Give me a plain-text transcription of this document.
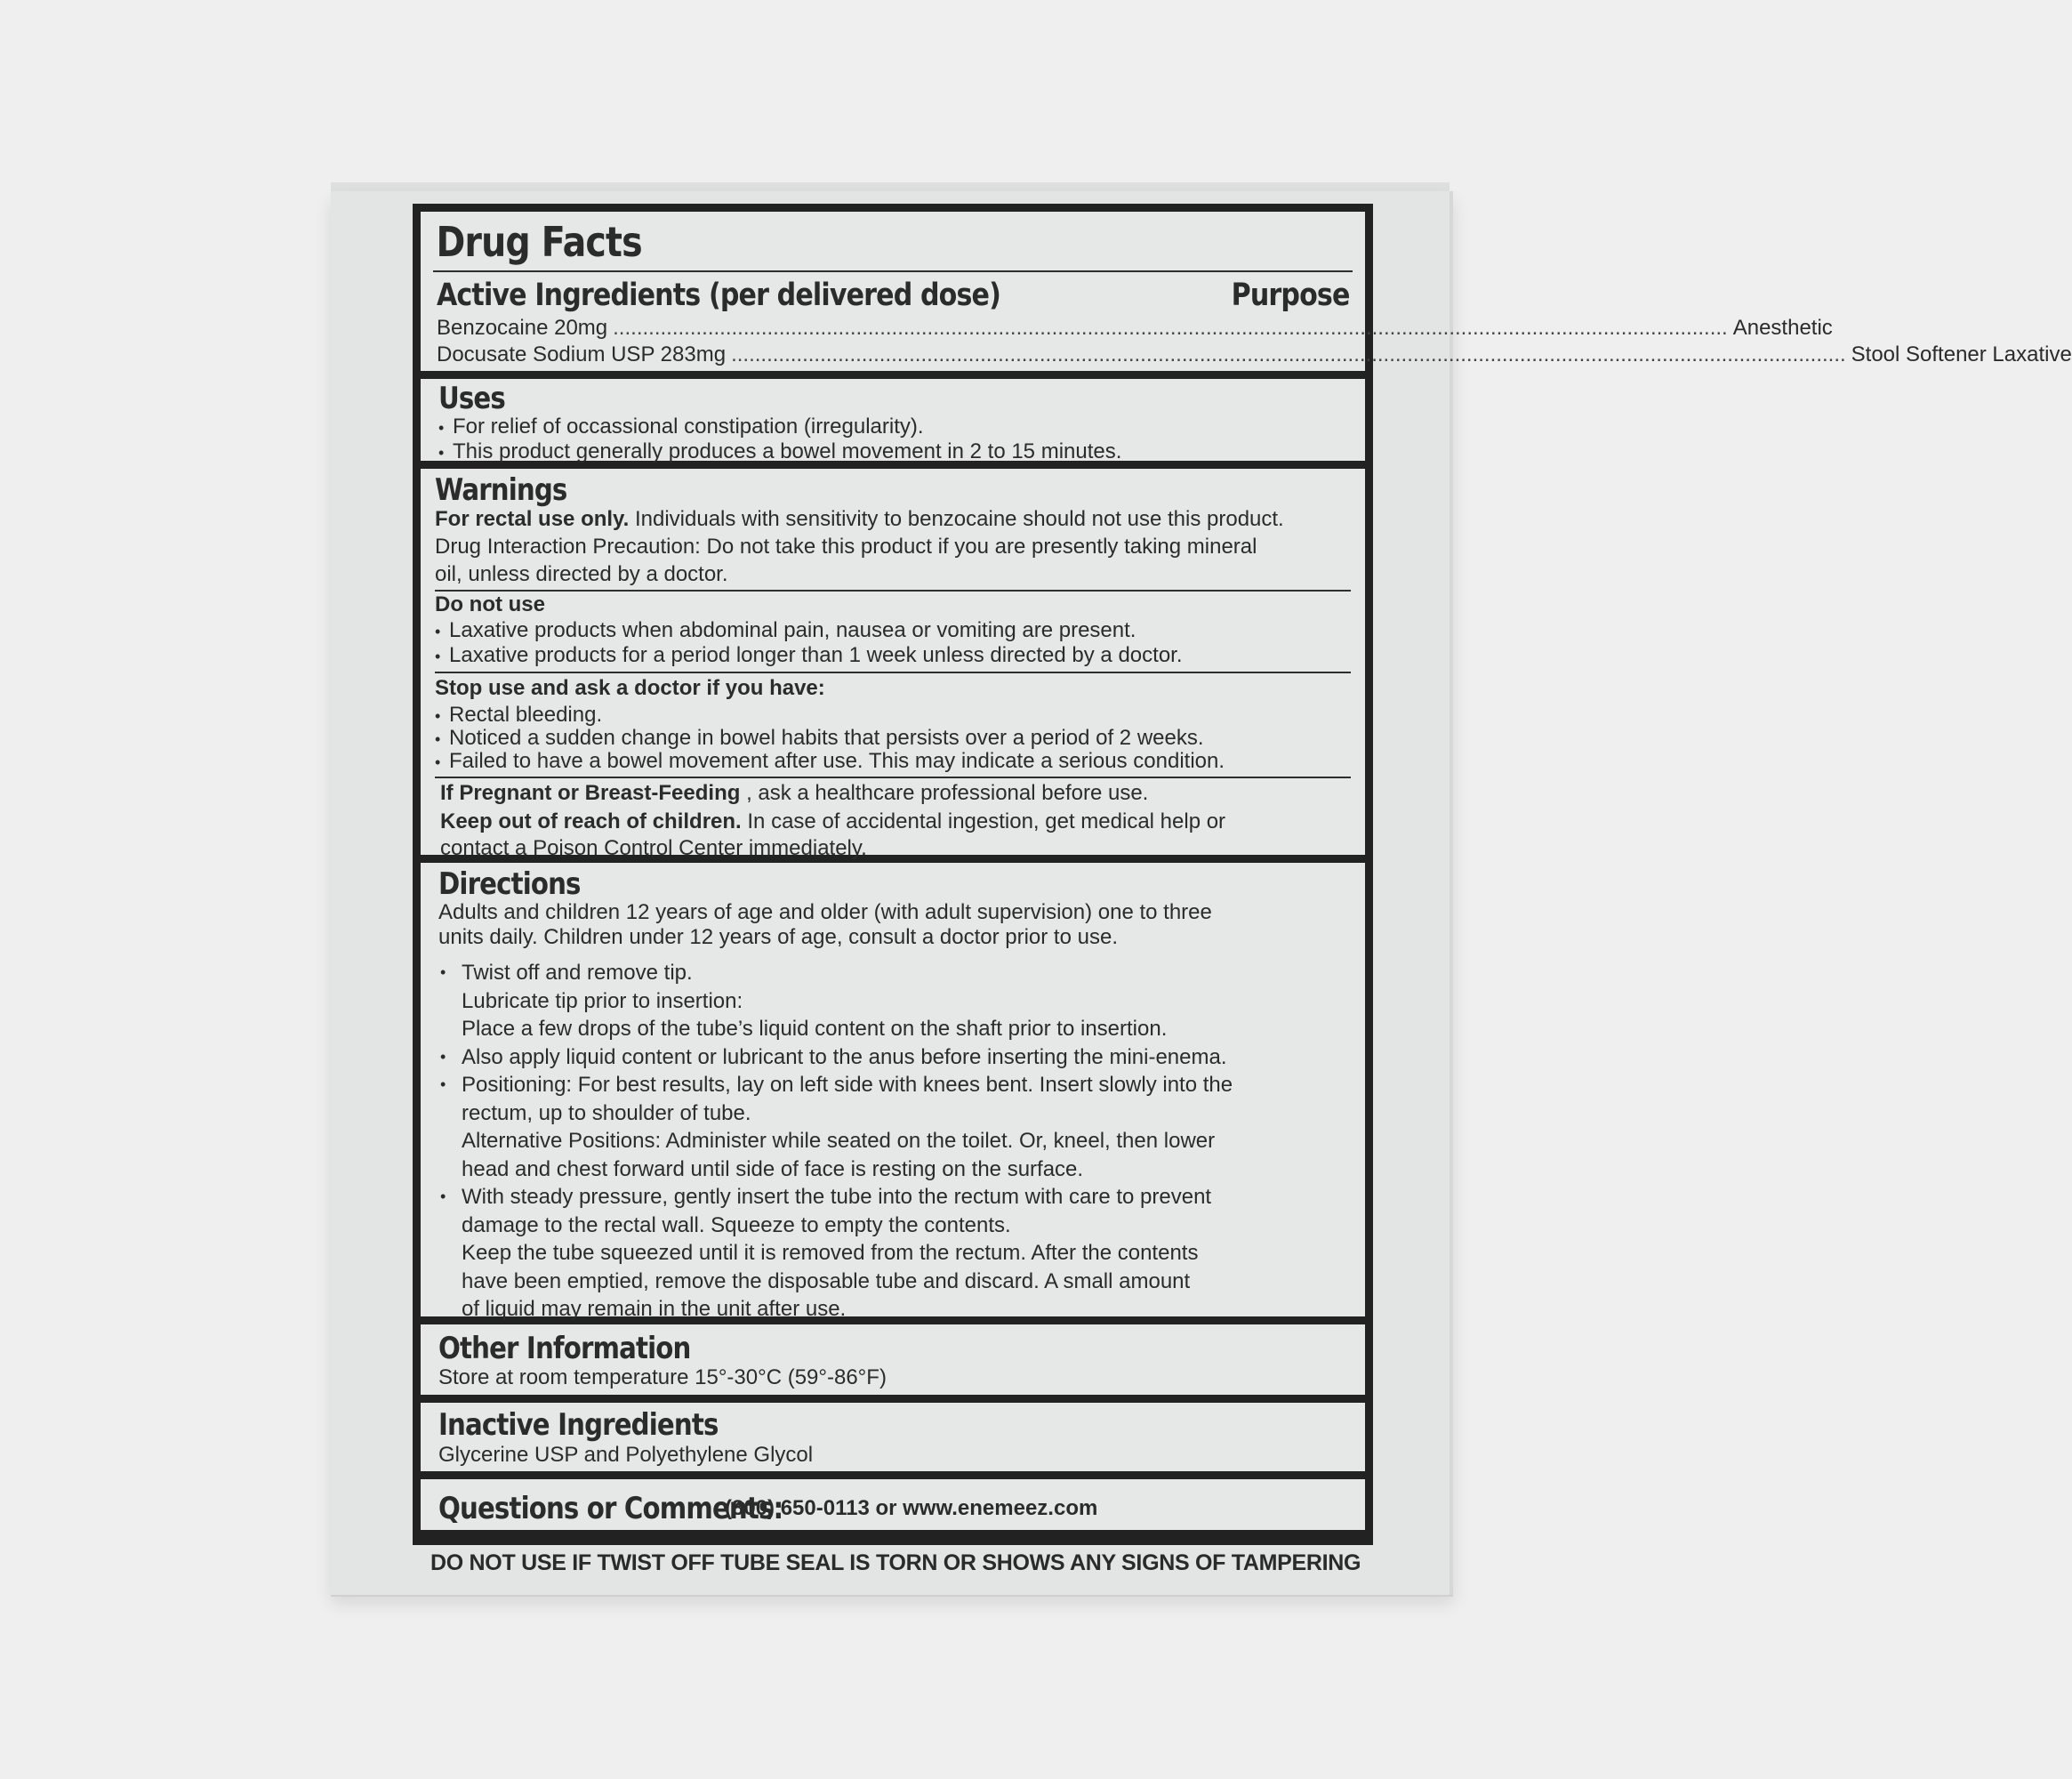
Drug Facts
Active Ingredients (per delivered dose)	Purpose
Benzocaine 20mg ............................................................................................................................................................................................ Anesthetic
Docusate Sodium USP 283mg ............................................................................................................................................................................................ Stool Softener Laxative
Uses
• For relief of occassional constipation (irregularity).
• This product generally produces a bowel movement in 2 to 15 minutes.
Warnings
For rectal use only. Individuals with sensitivity to benzocaine should not use this product.
Drug Interaction Precaution: Do not take this product if you are presently taking mineral
oil, unless directed by a doctor.
Do not use
• Laxative products when abdominal pain, nausea or vomiting are present.
• Laxative products for a period longer than 1 week unless directed by a doctor.
Stop use and ask a doctor if you have:
• Rectal bleeding.
• Noticed a sudden change in bowel habits that persists over a period of 2 weeks.
• Failed to have a bowel movement after use. This may indicate a serious condition.
If Pregnant or Breast-Feeding , ask a healthcare professional before use.
Keep out of reach of children. In case of accidental ingestion, get medical help or
contact a Poison Control Center immediately.
Directions
Adults and children 12 years of age and older (with adult supervision) one to three
units daily. Children under 12 years of age, consult a doctor prior to use.
• Twist off and remove tip.
Lubricate tip prior to insertion:
Place a few drops of the tube’s liquid content on the shaft prior to insertion.
• Also apply liquid content or lubricant to the anus before inserting the mini-enema.
• Positioning: For best results, lay on left side with knees bent. Insert slowly into the
rectum, up to shoulder of tube.
Alternative Positions: Administer while seated on the toilet. Or, kneel, then lower
head and chest forward until side of face is resting on the surface.
• With steady pressure, gently insert the tube into the rectum with care to prevent
damage to the rectal wall. Squeeze to empty the contents.
Keep the tube squeezed until it is removed from the rectum. After the contents
have been emptied, remove the disposable tube and discard. A small amount
of liquid may remain in the unit after use.
Other Information
Store at room temperature 15°-30°C (59°-86°F)
Inactive Ingredients
Glycerine USP and Polyethylene Glycol
Questions or Comments:
(800) 650-0113 or www.enemeez.com
DO NOT USE IF TWIST OFF TUBE SEAL IS TORN OR SHOWS ANY SIGNS OF TAMPERING
